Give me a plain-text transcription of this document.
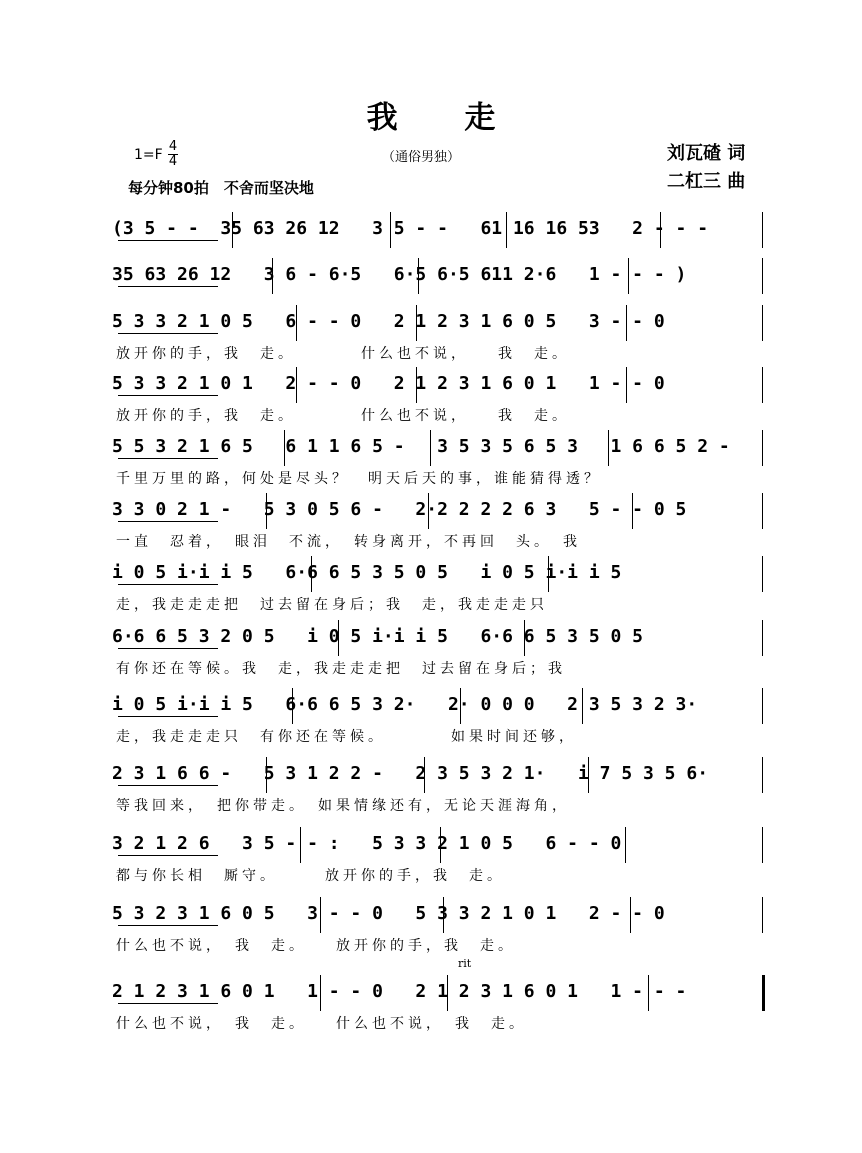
我 走
1=F
4
4	（通俗男独）
每分钟80拍　不舍而坚决地
刘瓦碴 词
二杠三 曲
rit
(3 5 - -  35 63 26 12   3 5 - -   61 16 16 53   2 - - -
35 63 26 12   3 6 - 6·5   6·5 6·5 611 2·6   1 - - - )
5 3 3 2 1 0 5   6 - - 0   2 1 2 3 1 6 0 5   3 - - 0
放开你的手，我　走。　　　　什么也不说，　　我　走。
5 3 3 2 1 0 1   2 - - 0   2 1 2 3 1 6 0 1   1 - - 0
放开你的手，我　走。　　　　什么也不说，　　我　走。
5 5 3 2 1 6 5   6 1 1 6 5 -   3 5 3 5 6 5 3   1 6 6 5 2 -
千里万里的路，何处是尽头？　明天后天的事，谁能猜得透？
3 3 0 2 1 -   5 3 0 5 6 -   2·2 2 2 2 6 3   5 - - 0 5
一直　忍着，　眼泪　不流，　转身离开，不再回　头。　我
i 0 5 i·i i 5   6·6 6 5 3 5 0 5   i 0 5 i·i i 5
走，我走走走把　过去留在身后；我　走，我走走走只
6·6 6 5 3 2 0 5   i 0 5 i·i i 5   6·6 6 5 3 5 0 5
有你还在等候。我　走，我走走走把　过去留在身后；我
i 0 5 i·i i 5   6·6 6 5 3 2·   2· 0 0 0   2 3 5 3 2 3·
走，我走走走只　有你还在等候。　　　　如果时间还够，
2 3 1 6 6 -   5 3 1 2 2 -   2 3 5 3 2 1·   i 7 5 3 5 6·
等我回来，　把你带走。　如果情缘还有，无论天涯海角，
3 2 1 2 6   3 5 - - :   5 3 3 2 1 0 5   6 - - 0
都与你长相　厮守。　　　放开你的手，我　走。
5 3 2 3 1 6 0 5   3 - - 0   5 3 3 2 1 0 1   2 - - 0
什么也不说，　我　走。　　放开你的手，我　走。
2 1 2 3 1 6 0 1   1 - - 0   2 1 2 3 1 6 0 1   1 - - -
什么也不说，　我　走。　　什么也不说，　我　走。
